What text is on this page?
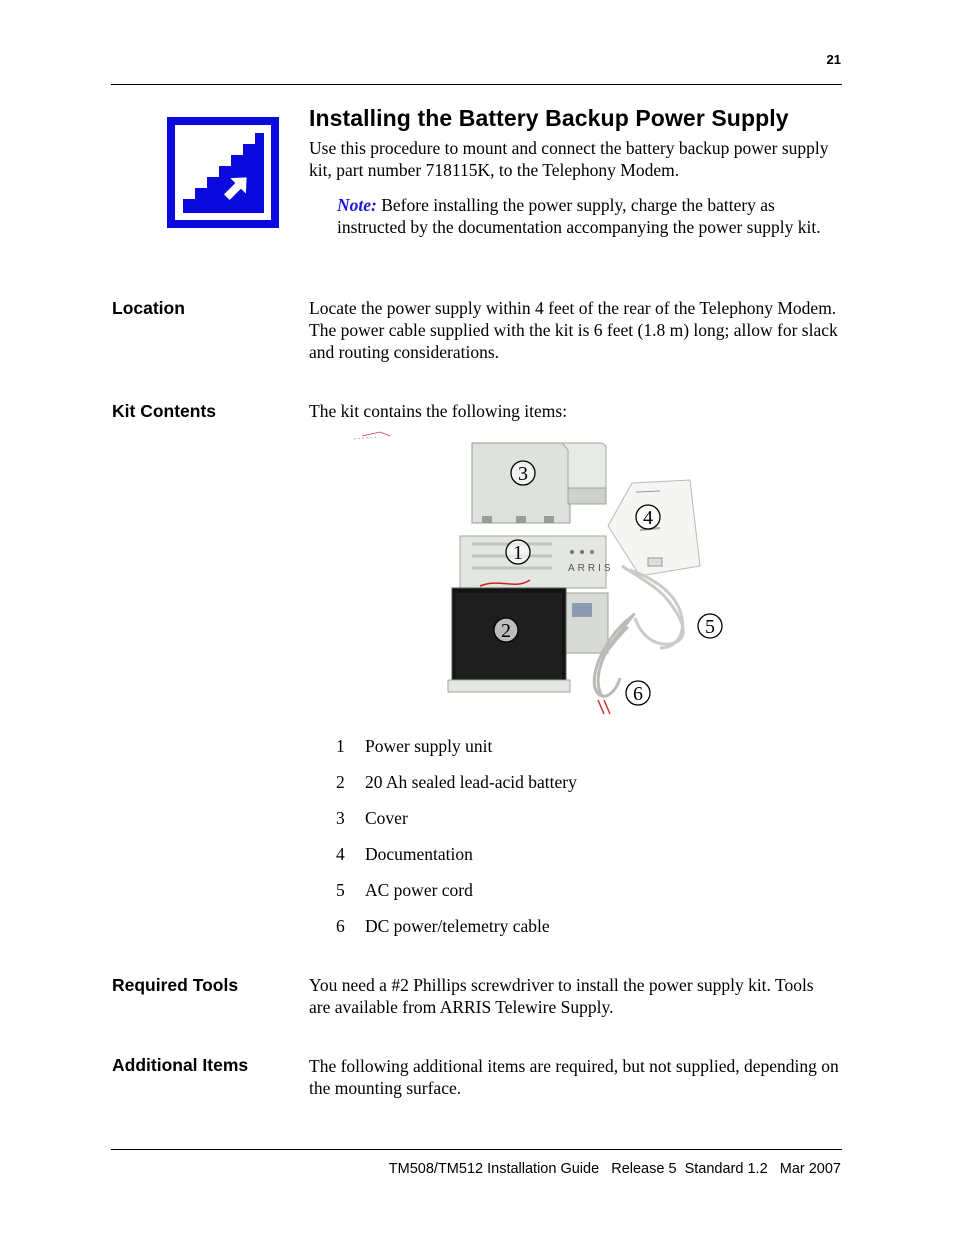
21
Installing the Battery Backup Power Supply
Use this procedure to mount and connect the battery backup power supply kit, part number 718115K, to the Telephony Modem.
Note: Before installing the power supply, charge the battery as instructed by the documentation accompanying the power supply kit.
Location	Locate the power supply within 4 feet of the rear of the Telephony Modem. The power cable supplied with the kit is 6 feet (1.8 m) long; allow for slack and routing considerations.
Kit Contents	The kit contains the following items:
ARRIS
3
4
1
2	5
6
1	Power supply unit
2	20 Ah sealed lead-acid battery
3	Cover
4	Documentation
5	AC power cord
6	DC power/telemetry cable
Required Tools	You need a #2 Phillips screwdriver to install the power supply kit. Tools are available from ARRIS Telewire Supply.
Additional Items	The following additional items are required, but not supplied, depending on the mounting surface.
TM508/TM512 Installation Guide Release 5 Standard 1.2 Mar 2007
